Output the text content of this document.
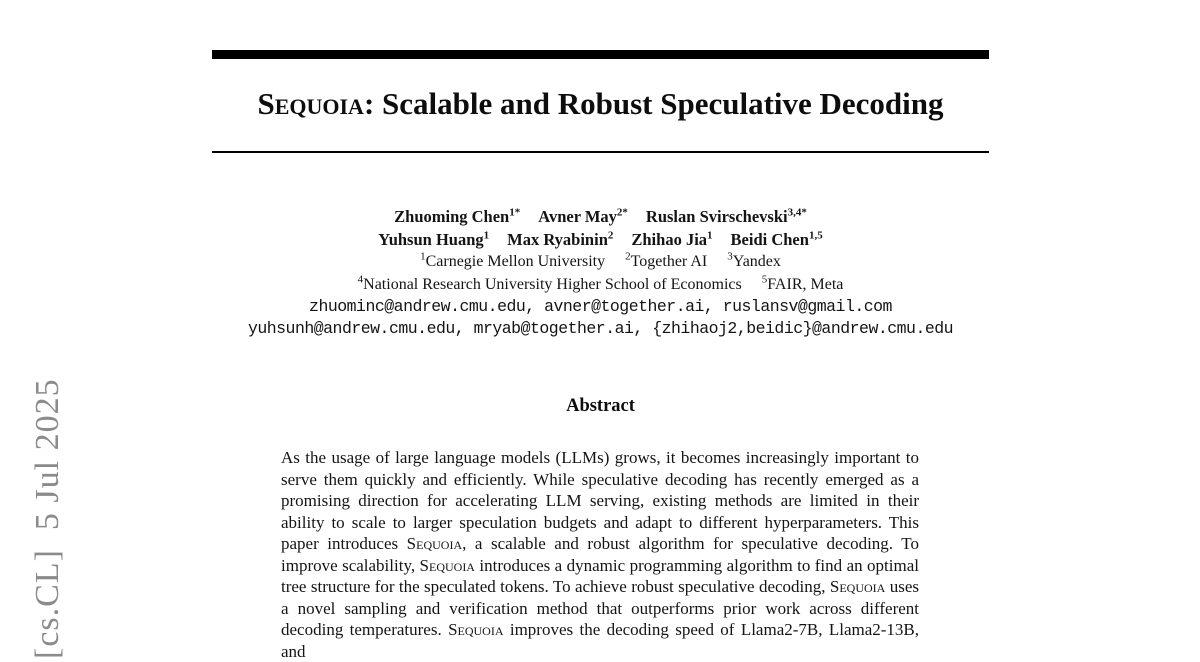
[cs.CL]  5 Jul 2025
Sequoia: Scalable and Robust Speculative Decoding
Zhuoming Chen$^{1*}$ Avner May$^{2*}$ Ruslan Svirschevski$^{3,4*}$
Yuhsun Huang$^1$ Max Ryabinin$^2$ Zhihao Jia$^1$ Beidi Chen$^{1,5}$
$^1$Carnegie Mellon University $^2$Together AI $^3$Yandex
$^4$National Research University Higher School of Economics $^5$FAIR, Meta
zhuominc@andrew.cmu.edu, avner@together.ai, ruslansv@gmail.com
yuhsunh@andrew.cmu.edu, mryab@together.ai, {zhihaoj2,beidic}@andrew.cmu.edu
Abstract

As the usage of large language models (LLMs) grows, it becomes increasingly important to serve them quickly and efficiently. While speculative decoding has recently emerged as a promising direction for accelerating LLM serving, existing methods are limited in their ability to scale to larger speculation budgets and adapt to different hyperparameters. This paper introduces Sequoia, a scalable and robust algorithm for speculative decoding. To improve scalability, Sequoia introduces a dynamic programming algorithm to find an optimal tree structure for the speculated tokens. To achieve robust speculative decoding, Sequoia uses a novel sampling and verification method that outperforms prior work across different decoding temperatures. Sequoia improves the decoding speed of Llama2-7B, Llama2-13B, and
